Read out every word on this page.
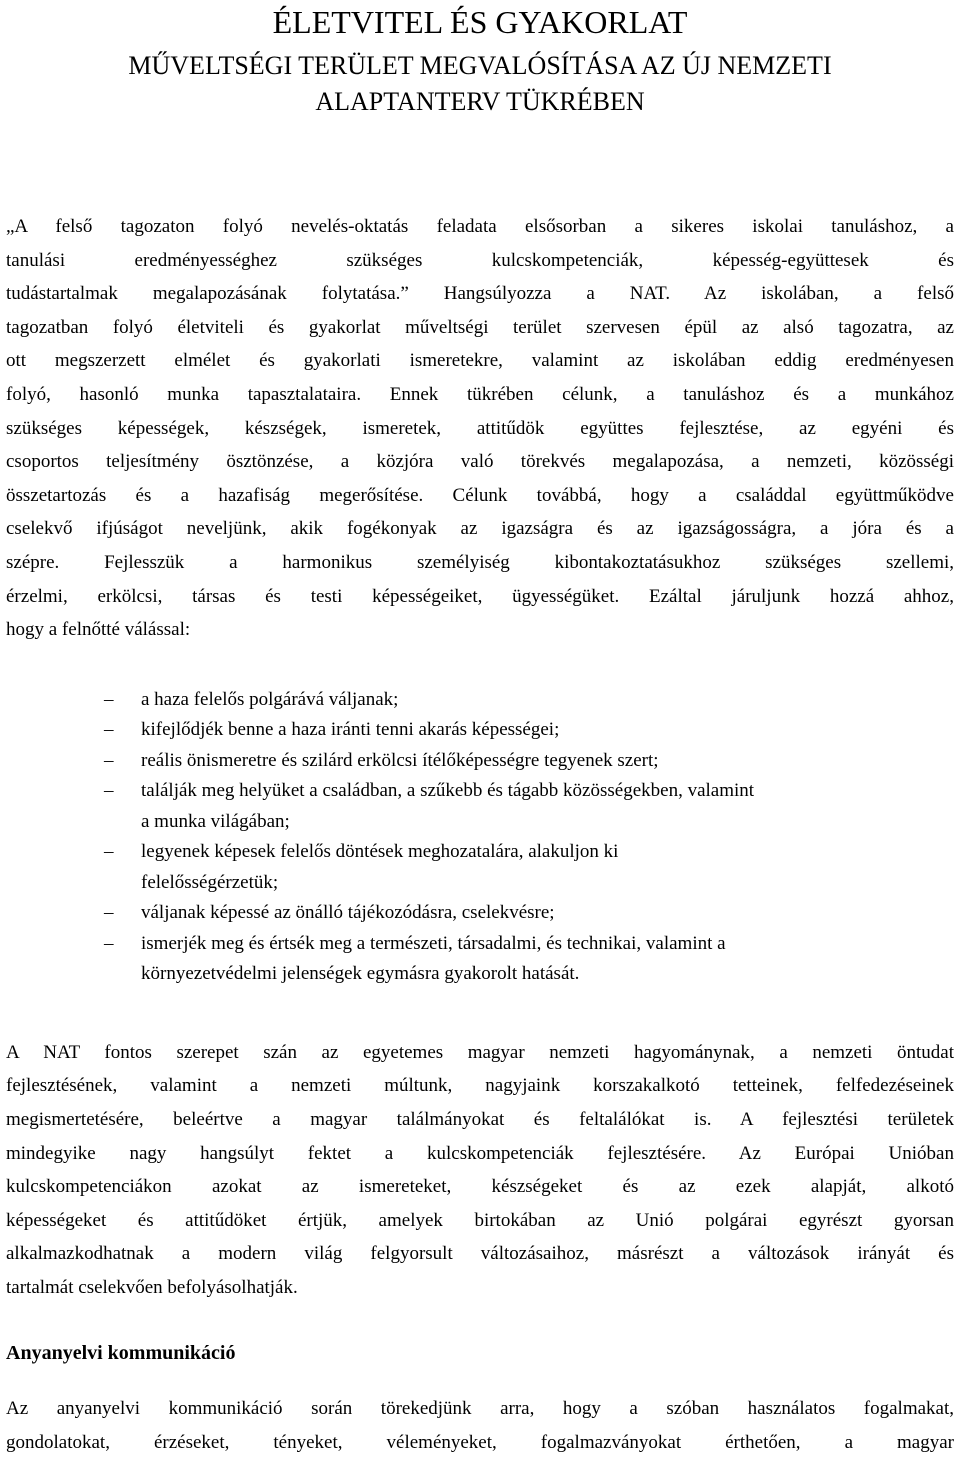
ÉLETVITEL ÉS GYAKORLAT
MŰVELTSÉGI TERÜLET MEGVALÓSÍTÁSA AZ ÚJ NEMZETI
ALAPTANTERV TÜKRÉBEN
„A felső tagozaton folyó nevelés-oktatás feladata elsősorban a sikeres iskolai tanuláshoz, a
tanulási eredményességhez szükséges kulcskompetenciák, képesség-együttesek és
tudástartalmak megalapozásának folytatása.” Hangsúlyozza a NAT. Az iskolában, a felső
tagozatban folyó életviteli és gyakorlat műveltségi terület szervesen épül az alsó tagozatra, az
ott megszerzett elmélet és gyakorlati ismeretekre, valamint az iskolában eddig eredményesen
folyó, hasonló munka tapasztalataira. Ennek tükrében célunk, a tanuláshoz és a munkához
szükséges képességek, készségek, ismeretek, attitűdök együttes fejlesztése, az egyéni és
csoportos teljesítmény ösztönzése, a közjóra való törekvés megalapozása, a nemzeti, közösségi
összetartozás és a hazafiság megerősítése. Célunk továbbá, hogy a családdal együttműködve
cselekvő ifjúságot neveljünk, akik fogékonyak az igazságra és az igazságosságra, a jóra és a
szépre. Fejlesszük a harmonikus személyiség kibontakoztatásukhoz szükséges szellemi,
érzelmi, erkölcsi, társas és testi képességeiket, ügyességüket. Ezáltal járuljunk hozzá ahhoz,
hogy a felnőtté válással:
– a haza felelős polgárává váljanak;
– kifejlődjék benne a haza iránti tenni akarás képességei;
– reális önismeretre és szilárd erkölcsi ítélőképességre tegyenek szert;
– találják meg helyüket a családban, a szűkebb és tágabb közösségekben, valamint
a munka világában;
– legyenek képesek felelős döntések meghozatalára, alakuljon ki
felelősségérzetük;
– váljanak képessé az önálló tájékozódásra, cselekvésre;
– ismerjék meg és értsék meg a természeti, társadalmi, és technikai, valamint a
környezetvédelmi jelenségek egymásra gyakorolt hatását.
A NAT fontos szerepet szán az egyetemes magyar nemzeti hagyománynak, a nemzeti öntudat
fejlesztésének, valamint a nemzeti múltunk, nagyjaink korszakalkotó tetteinek, felfedezéseinek
megismertetésére, beleértve a magyar találmányokat és feltalálókat is. A fejlesztési területek
mindegyike nagy hangsúlyt fektet a kulcskompetenciák fejlesztésére. Az Európai Unióban
kulcskompetenciákon azokat az ismereteket, készségeket és az ezek alapját, alkotó
képességeket és attitűdöket értjük, amelyek birtokában az Unió polgárai egyrészt gyorsan
alkalmazkodhatnak a modern világ felgyorsult változásaihoz, másrészt a változások irányát és
tartalmát cselekvően befolyásolhatják.
Anyanyelvi kommunikáció
Az anyanyelvi kommunikáció során törekedjünk arra, hogy a szóban használatos fogalmakat,
gondolatokat, érzéseket, tényeket, véleményeket, fogalmazványokat érthetően, a magyar
